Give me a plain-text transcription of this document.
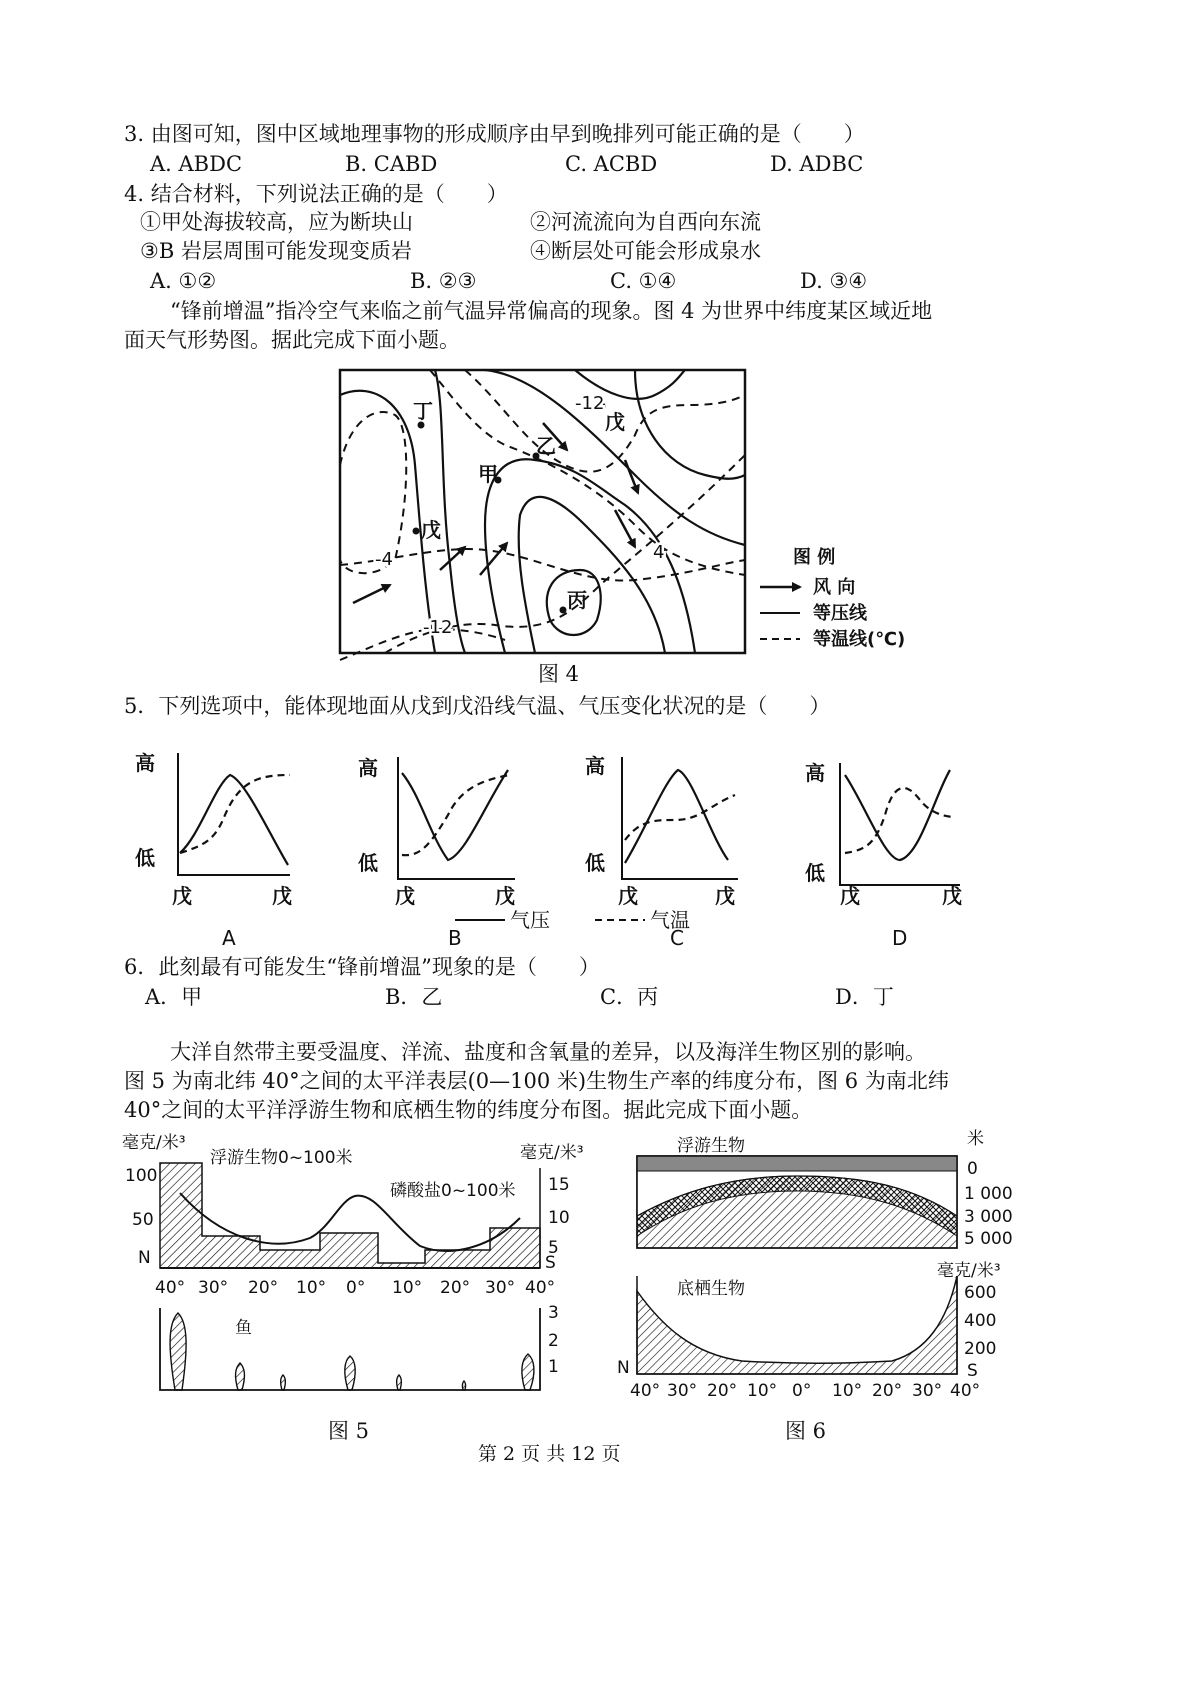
3. 由图可知，图中区域地理事物的形成顺序由早到晚排列可能正确的是（　　）
A. ABDC	B. CABD	C. ACBD	D. ADBC
4. 结合材料，下列说法正确的是（　　）
①甲处海拔较高，应为断块山	②河流流向为自西向东流
③B 岩层周围可能发现变质岩	④断层处可能会形成泉水
A. ①②	B. ②③	C. ①④	D. ③④
“锋前增温”指冷空气来临之前气温异常偏高的现象。图 4 为世界中纬度某区域近地
面天气形势图。据此完成下面小题。
丁
甲
乙
戊
戊
丙
-12
-4	4
-12
图 例
风 向
等压线
等温线(℃)
图 4
5．下列选项中，能体现地面从戊到戊沿线气温、气压变化状况的是（　　）
高
低
戊	戊
A
高
低
戊	戊
B
高
低
戊	戊
C
高
低
戊	戊
D
气压	气温
6．此刻最有可能发生“锋前增温”现象的是（　　）
A．甲	B．乙	C．丙	D．丁
大洋自然带主要受温度、洋流、盐度和含氧量的差异，以及海洋生物区别的影响。
图 5 为南北纬 40°之间的太平洋表层(0—100 米)生物生产率的纬度分布，图 6 为南北纬
40°之间的太平洋浮游生物和底栖生物的纬度分布图。据此完成下面小题。
毫克/米³	毫克/米³
浮游生物0~100米
磷酸盐0~100米
100
50
N	S
15
10
5
40° 30° 20° 10° 0° 10° 20° 30° 40°
鱼
3
2
1
图 5
浮游生物	米
0
1 000
3 000
5 000
底栖生物
毫克/米³
600
400
200
N	S
40° 30° 20° 10° 0° 10° 20° 30° 40°
图 6
第 2 页 共 12 页
